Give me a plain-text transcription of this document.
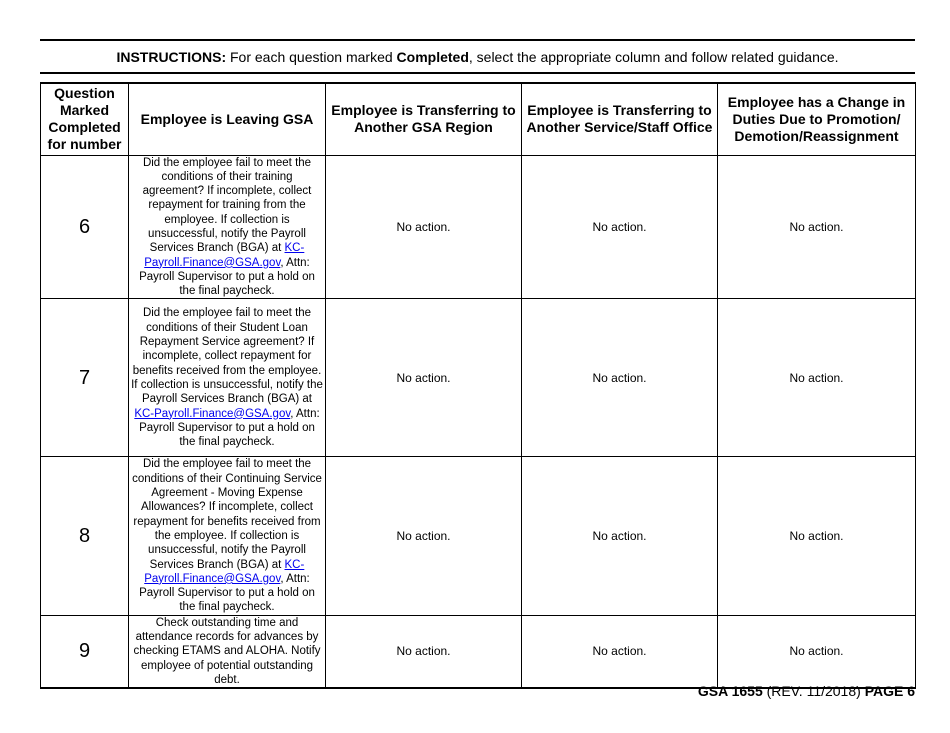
INSTRUCTIONS: For each question marked Completed, select the appropriate column and follow related guidance.
Question Marked Completed for number	Employee is Leaving GSA	Employee is Transferring to Another GSA Region	Employee is Transferring to Another Service/Staff Office	Employee has a Change in Duties Due to Promotion/ Demotion/Reassignment
6	Did the employee fail to meet the conditions of their training agreement? If incomplete, collect repayment for training from the employee. If collection is unsuccessful, notify the Payroll Services Branch (BGA) at KC-Payroll.Finance@GSA.gov, Attn: Payroll Supervisor to put a hold on the final paycheck.	No action.	No action.	No action.
7	Did the employee fail to meet the conditions of their Student Loan Repayment Service agreement? If incomplete, collect repayment for benefits received from the employee. If collection is unsuccessful, notify the Payroll Services Branch (BGA) at KC-Payroll.Finance@GSA.gov, Attn: Payroll Supervisor to put a hold on the final paycheck.	No action.	No action.	No action.
8	Did the employee fail to meet the conditions of their Continuing Service Agreement - Moving Expense Allowances? If incomplete, collect repayment for benefits received from the employee. If collection is unsuccessful, notify the Payroll Services Branch (BGA) at KC-Payroll.Finance@GSA.gov, Attn: Payroll Supervisor to put a hold on the final paycheck.	No action.	No action.	No action.
9	Check outstanding time and attendance records for advances by checking ETAMS and ALOHA. Notify employee of potential outstanding debt.	No action.	No action.	No action.
GSA 1655 (REV. 11/2018) PAGE 6
